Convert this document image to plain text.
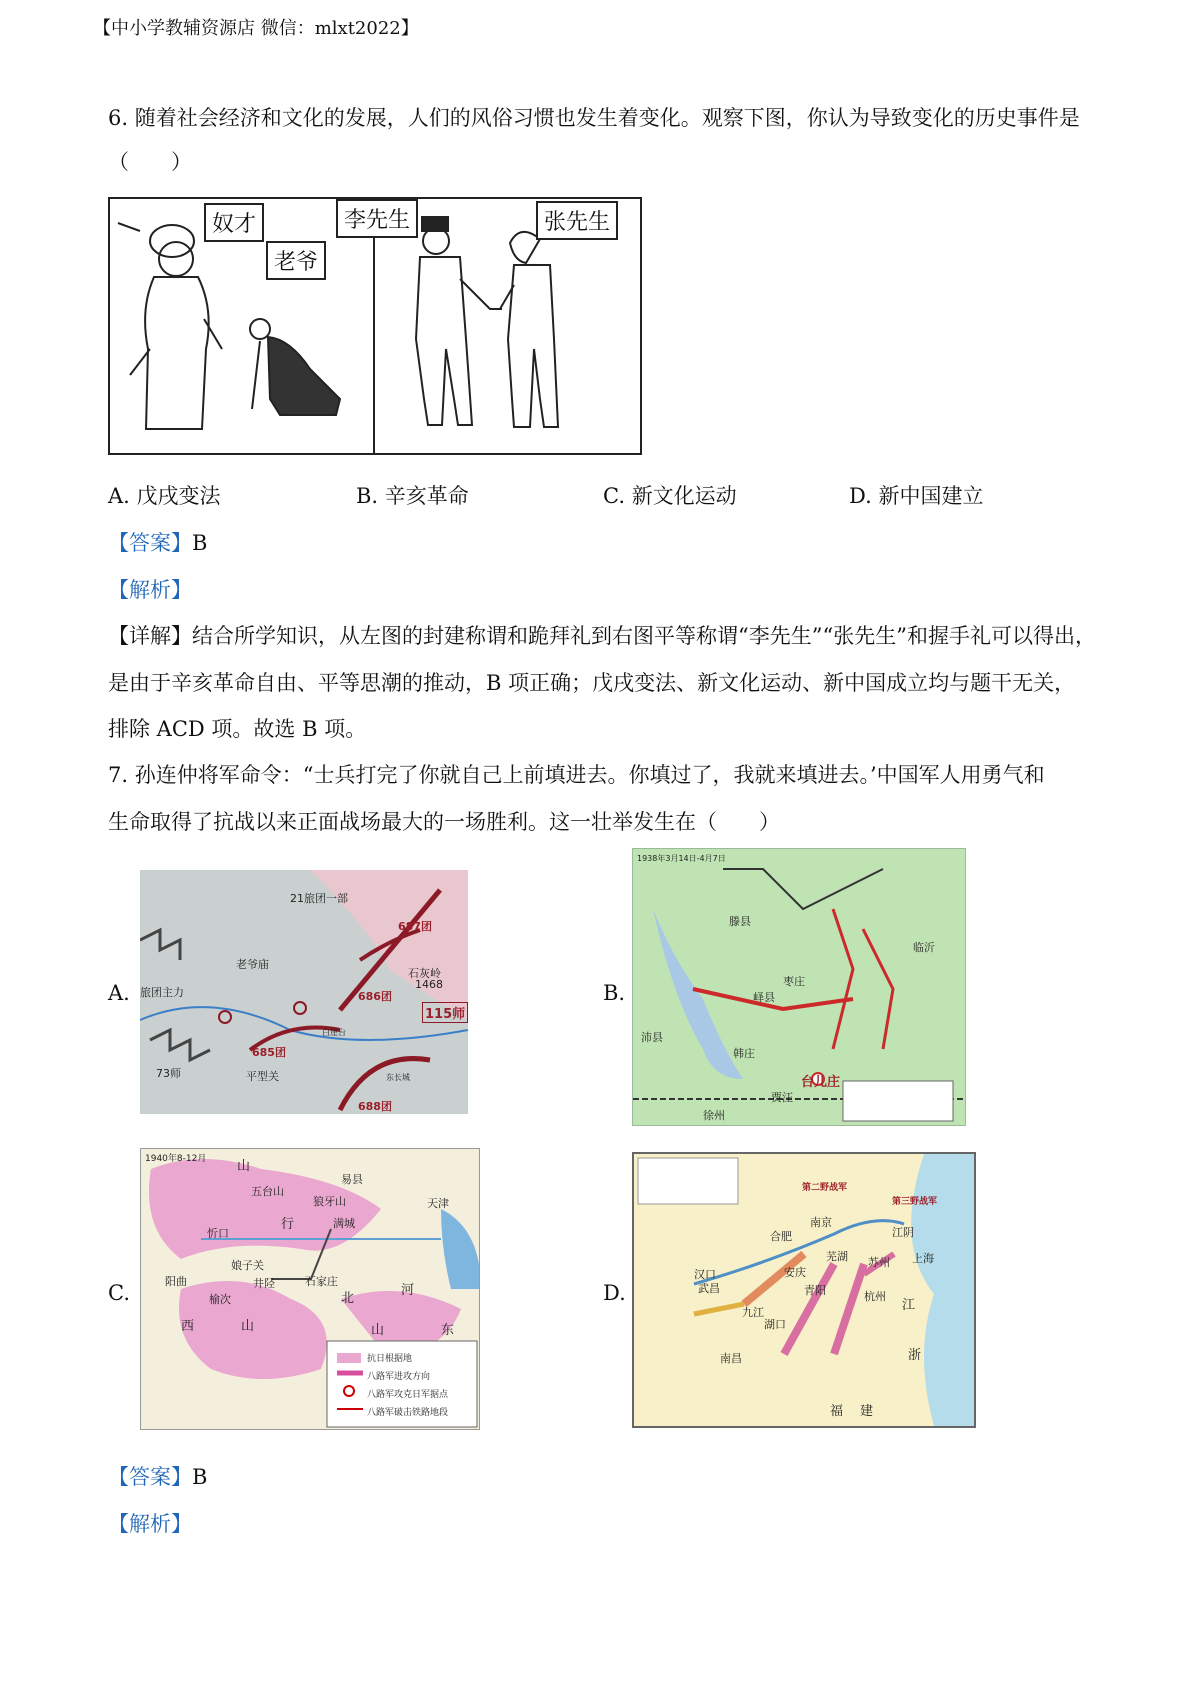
【中小学教辅资源店 微信：mlxt2022】
6. 随着社会经济和文化的发展，人们的风俗习惯也发生着变化。观察下图，你认为导致变化的历史事件是
（　　）
奴才
老爷
李先生	张先生
A. 戊戌变法	B. 辛亥革命	C. 新文化运动	D. 新中国建立
【答案】B
【解析】
【详解】结合所学知识，从左图的封建称谓和跪拜礼到右图平等称谓“李先生”“张先生”和握手礼可以得出，
是由于辛亥革命自由、平等思潮的推动，B 项正确；戊戌变法、新文化运动、新中国成立均与题干无关，
排除 ACD 项。故选 B 项。
7. 孙连仲将军命令：“士兵打完了你就自己上前填进去。你填过了，我就来填进去。’中国军人用勇气和
生命取得了抗战以来正面战场最大的一场胜利。这一壮举发生在（　　）
A.	B.
C.	D.
21旅团一部
687团
老爷庙
石灰岭
1468
686团
115师
旅团主力
685团
73师	平型关
688团
白崖台
东长城
1938年3月14日-4月7日
峄县
台儿庄
枣庄
临沂
滕县
沛县
徐州
韩庄
贾汪
1940年8-12月 山
五台山
易县
狼牙山
忻口
行	满城
天津
阳曲
娘子关
井陉	石家庄
榆次
西	山
北
山	东
河
抗日根据地
八路军进攻方向
八路军攻克日军据点
八路军破击铁路地段
第二野战军
第三野战军
南京
合肥	江阴
苏州 上海
芜湖
汉口
武昌
安庆
青阳	杭州
九江
湖口
南昌
江
浙
福 建
【答案】B
【解析】
